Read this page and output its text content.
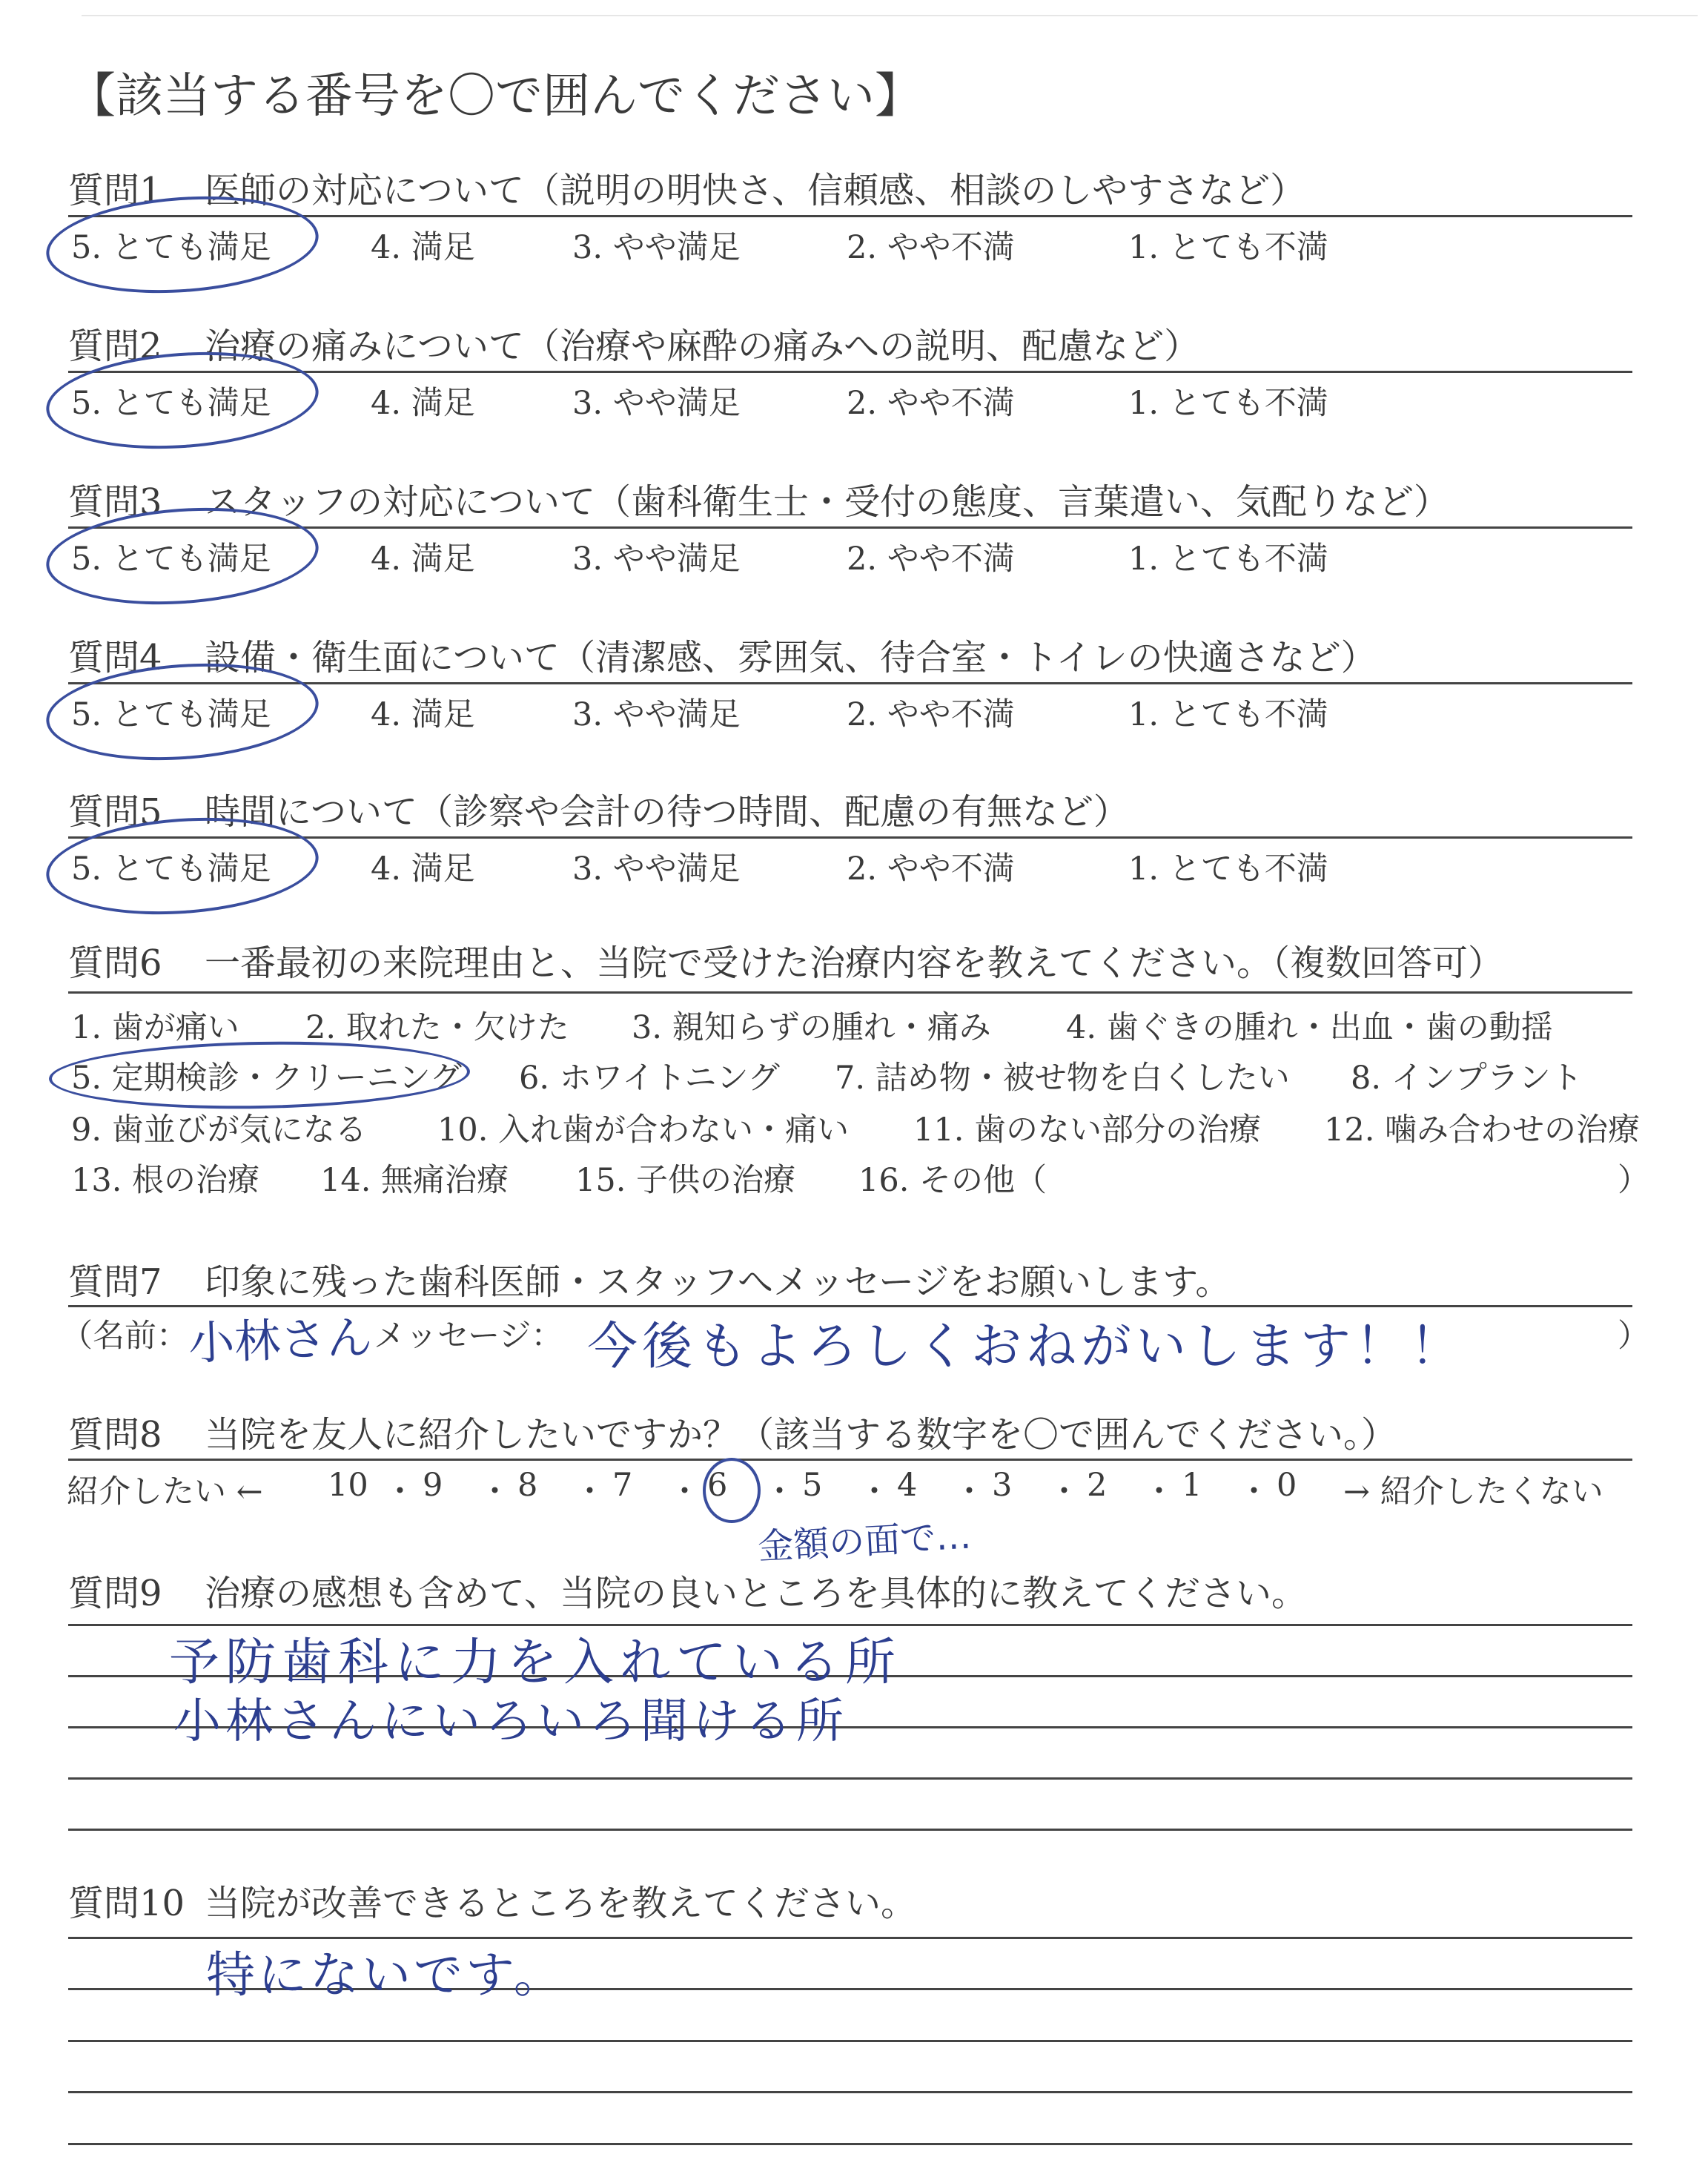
【該当する番号を〇で囲んでください】
質問1 医師の対応について（説明の明快さ、信頼感、相談のしやすさなど）
5. とても満足	4. 満足	3. やや満足	2. やや不満	1. とても不満
質問2 治療の痛みについて（治療や麻酔の痛みへの説明、配慮など）
5. とても満足	4. 満足	3. やや満足	2. やや不満	1. とても不満
質問3 スタッフの対応について（歯科衛生士・受付の態度、言葉遣い、気配りなど）
5. とても満足	4. 満足	3. やや満足	2. やや不満	1. とても不満
質問4 設備・衛生面について（清潔感、雰囲気、待合室・トイレの快適さなど）
5. とても満足	4. 満足	3. やや満足	2. やや不満	1. とても不満
質問5 時間について（診察や会計の待つ時間、配慮の有無など）
5. とても満足	4. 満足	3. やや満足	2. やや不満	1. とても不満
質問6 一番最初の来院理由と、当院で受けた治療内容を教えてください。（複数回答可）
1. 歯が痛い 2. 取れた・欠けた 3. 親知らずの腫れ・痛み 4. 歯ぐきの腫れ・出血・歯の動揺
5. 定期検診・クリーニング 6. ホワイトニング 7. 詰め物・被せ物を白くしたい 8. インプラント
9. 歯並びが気になる 10. 入れ歯が合わない・痛い 11. 歯のない部分の治療 12. 噛み合わせの治療
13. 根の治療 14. 無痛治療 15. 子供の治療 16. その他（	）
質問7 印象に残った歯科医師・スタッフへメッセージをお願いします。
（名前：
小林さん メッセージ： 今後もよろしくおねがいします！！	）
質問8 当院を友人に紹介したいですか？（該当する数字を〇で囲んでください。）
紹介したい ← 10 ・ 9 ・ 8 ・ 7 ・ 6 ・ 5 ・ 4 ・ 3 ・ 2 ・ 1 ・ 0 → 紹介したくない
金額の面で…
質問9 治療の感想も含めて、当院の良いところを具体的に教えてください。
予防歯科に力を入れている所
小林さんにいろいろ聞ける所
質問10 当院が改善できるところを教えてください。
特にないです。
